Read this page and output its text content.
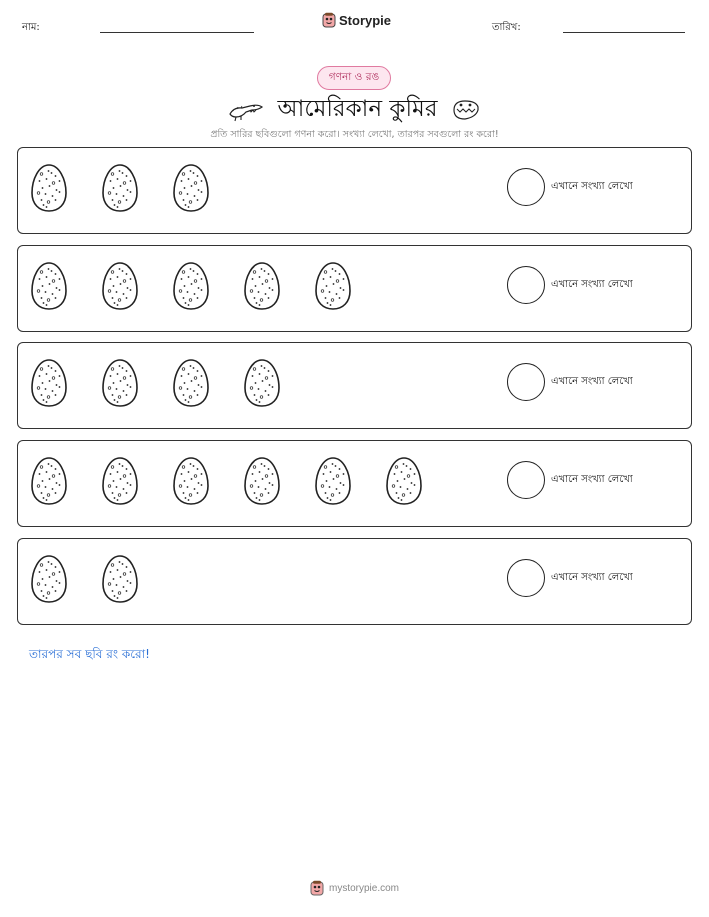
নাম:	Storypie	তারিখ:
গণনা ও রঙ
আমেরিকান কুমির
প্রতি সারির ছবিগুলো গণনা করো। সংখ্যা লেখো, তারপর সবগুলো রং করো!
এখানে সংখ্যা লেখো
এখানে সংখ্যা লেখো
এখানে সংখ্যা লেখো
এখানে সংখ্যা লেখো
এখানে সংখ্যা লেখো
তারপর সব ছবি রং করো!
mystorypie.com
